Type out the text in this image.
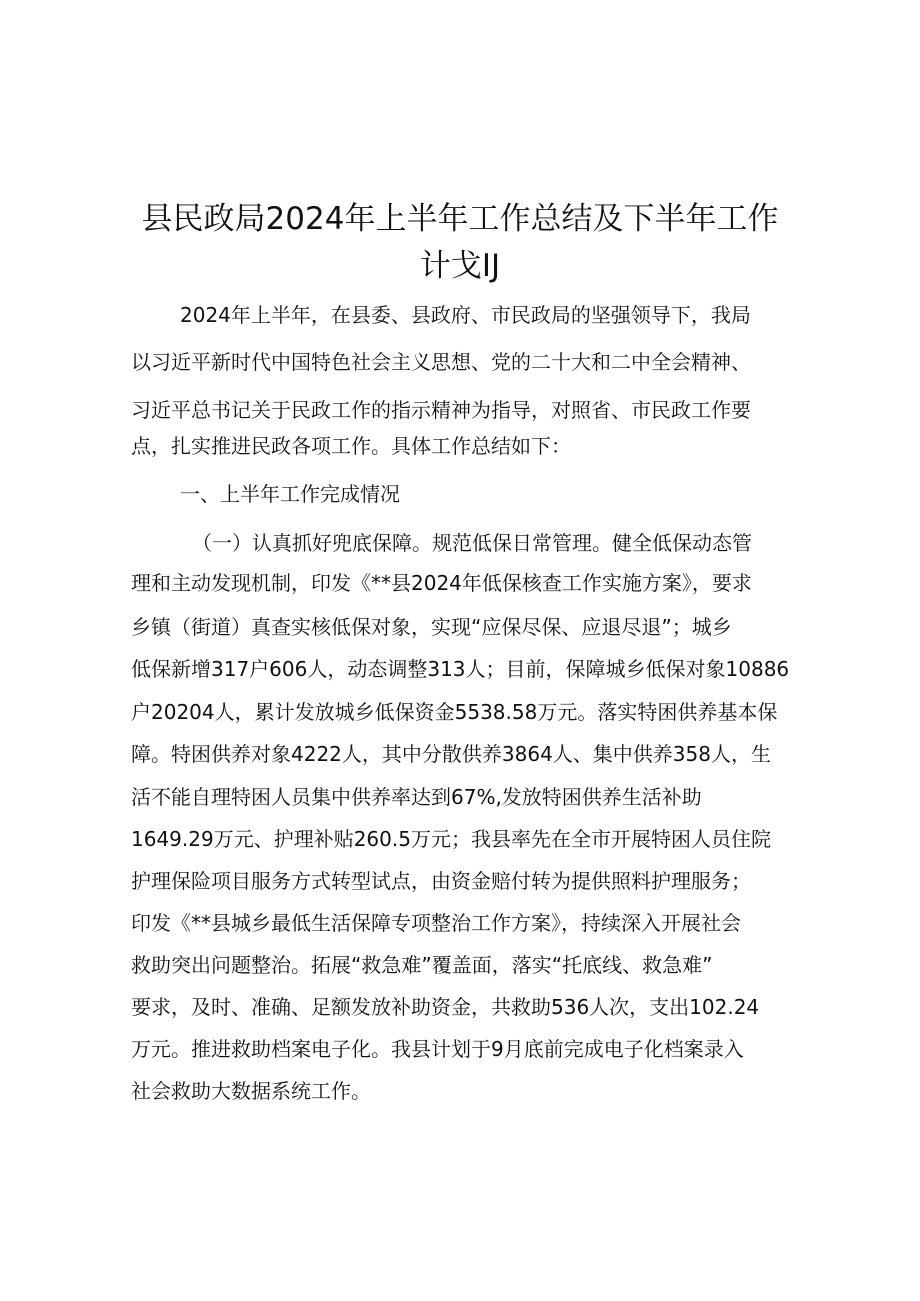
县民政局2024年上半年工作总结及下半年工作
计戈IJ

2024年上半年，在县委、县政府、市民政局的坚强领导下，我局

以习近平新时代中国特色社会主义思想、党的二十大和二中全会精神、

习近平总书记关于民政工作的指示精神为指导，对照省、市民政工作要

点，扎实推进民政各项工作。具体工作总结如下：

一、上半年工作完成情况

（一）认真抓好兜底保障。规范低保日常管理。健全低保动态管

理和主动发现机制，印发《**县2024年低保核查工作实施方案》，要求

乡镇（街道）真查实核低保对象，实现“应保尽保、应退尽退”；城乡

低保新增317户606人，动态调整313人；目前，保障城乡低保对象10886

户20204人，累计发放城乡低保资金5538.58万元。落实特困供养基本保

障。特困供养对象4222人，其中分散供养3864人、集中供养358人，生

活不能自理特困人员集中供养率达到67%,发放特困供养生活补助

1649.29万元、护理补贴260.5万元；我县率先在全市开展特困人员住院

护理保险项目服务方式转型试点，由资金赔付转为提供照料护理服务；

印发《**县城乡最低生活保障专项整治工作方案》，持续深入开展社会

救助突出问题整治。拓展“救急难”覆盖面，落实“托底线、救急难”

要求，及时、准确、足额发放补助资金，共救助536人次，支出102.24

万元。推进救助档案电子化。我县计划于9月底前完成电子化档案录入

社会救助大数据系统工作。
